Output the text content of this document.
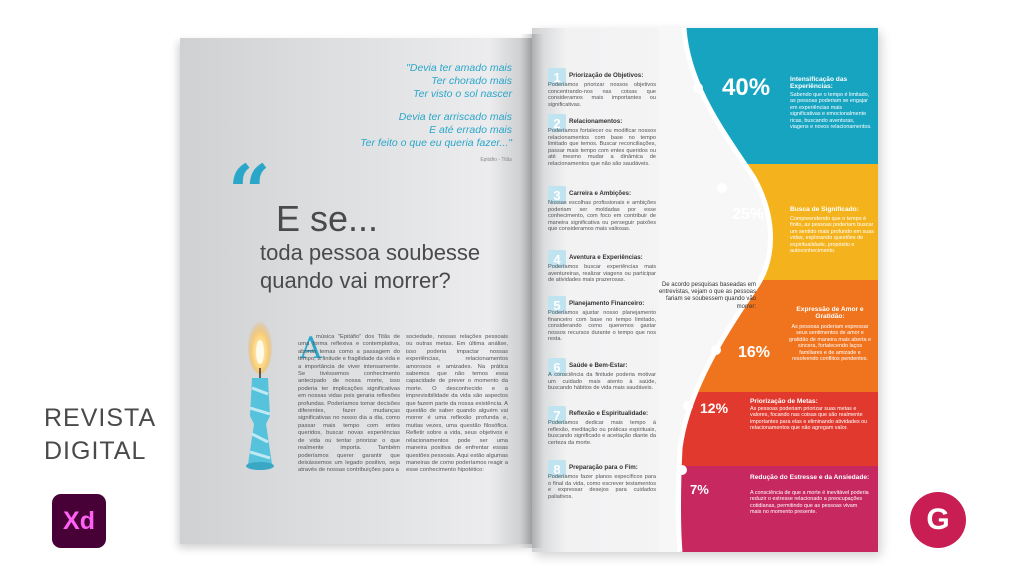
REVISTA
DIGITAL
Xd
"Devia ter amado mais
Ter chorado mais
Ter visto o sol nascer
Devia ter arriscado mais
E até errado mais
Ter feito o que eu queria fazer..."
Epitáfio - Titãs
“ E se...
toda pessoa soubesse
quando vai morrer?
A
música "Epitáfio" dos Titãs de uma forma reflexiva e contemplativa, aborda temas como a passagem do tempo, a finitude e fragilidade da vida e a importância de viver intensamente. Se tivéssemos conhecimento antecipado de nossa morte, isso poderia ter implicações significativas em nossas vidas pois geraria reflexões profundas. Poderíamos tomar decisões diferentes, fazer mudanças significativas no nosso dia a dia, como passar mais tempo com entes queridos, buscar novas experiências de vida ou tentar priorizar o que realmente importa. Também poderíamos querer garantir que deixássemos um legado positivo, seja através de nossas contribuições para a
sociedade, nossas relações pessoais ou outras metas. Em última análise, isso poderia impactar nossas experiências, relacionamentos amorosos e amizades. Na prática sabemos que não temos essa capacidade de prever o momento da morte. O desconhecido e a imprevisibilidade da vida são aspectos que fazem parte da nossa existência. A questão de saber quando alguém vai morrer é uma reflexão profunda e, muitas vezes, uma questão filosófica. Refletir sobre a vida, seus objetivos e relacionamentos pode ser uma maneira positiva de enfrentar essas questões pessoais. Aqui estão algumas maneiras de como poderíamos reagir a esse conhecimento hipotético:
1	Priorização de Objetivos:
Poderíamos priorizar nossos objetivos concentrando-nos nas coisas que consideramos mais importantes ou significativas.
2	Relacionamentos:
Poderíamos fortalecer ou modificar nossos relacionamentos com base no tempo limitado que temos. Buscar reconciliações, passar mais tempo com entes queridos ou até mesmo mudar a dinâmica de relacionamentos que não são saudáveis.
3	Carreira e Ambições:
Nossas escolhas profissionais e ambições poderiam ser moldadas por esse conhecimento, com foco em contribuir de maneira significativa ou perseguir paixões que consideramos mais valiosas.
4	Aventura e Experiências:
Poderíamos buscar experiências mais aventureiras, realizar viagens ou participar de atividades mais prazerosas.
5	Planejamento Financeiro:
Poderíamos ajustar nosso planejamento financeiro com base no tempo limitado, considerando como queremos gastar nossos recursos durante o tempo que nos resta.
6	Saúde e Bem-Estar:
A consciência da finitude poderia motivar um cuidado mais atento à saúde, buscando hábitos de vida mais saudáveis.
7	Reflexão e Espiritualidade:
Poderíamos dedicar mais tempo à reflexão, meditação ou práticas espirituais, buscando significado e aceitação diante da certeza da morte.
8	Preparação para o Fim:
Poderíamos fazer planos específicos para o final da vida, como escrever testamentos e expressar desejos para cuidados paliativos.
De acordo pesquisas baseadas em entrevistas, vejam o que as pessoas fariam se soubessem quando vão morrer:
40%	Intensificação das Experiências:
Sabendo que o tempo é limitado, as pessoas poderiam se engajar em experiências mais significativas e emocionalmente ricas, buscando aventuras, viagens e novos relacionamentos.
25%	Busca de Significado:
Compreendendo que o tempo é finito, as pessoas poderiam buscar um sentido mais profundo em suas vidas, explorando questões de espiritualidade, propósito e autoconhecimento.
16%
Expressão de Amor e Gratidão:
As pessoas poderiam expressar seus sentimentos de amor e gratidão de maneira mais aberta e sincera, fortalecendo laços familiares e de amizade e resolvendo conflitos pendentes.
12%	Priorização de Metas:
As pessoas poderiam priorizar suas metas e valores, focando nas coisas que são realmente importantes para elas e eliminando atividades ou relacionamentos que não agregam valor.
7%
Redução do Estresse e da Ansiedade:
A consciência de que a morte é inevitável poderia reduzir o estresse relacionado a preocupações cotidianas, permitindo que as pessoas vivam mais no momento presente.	G
